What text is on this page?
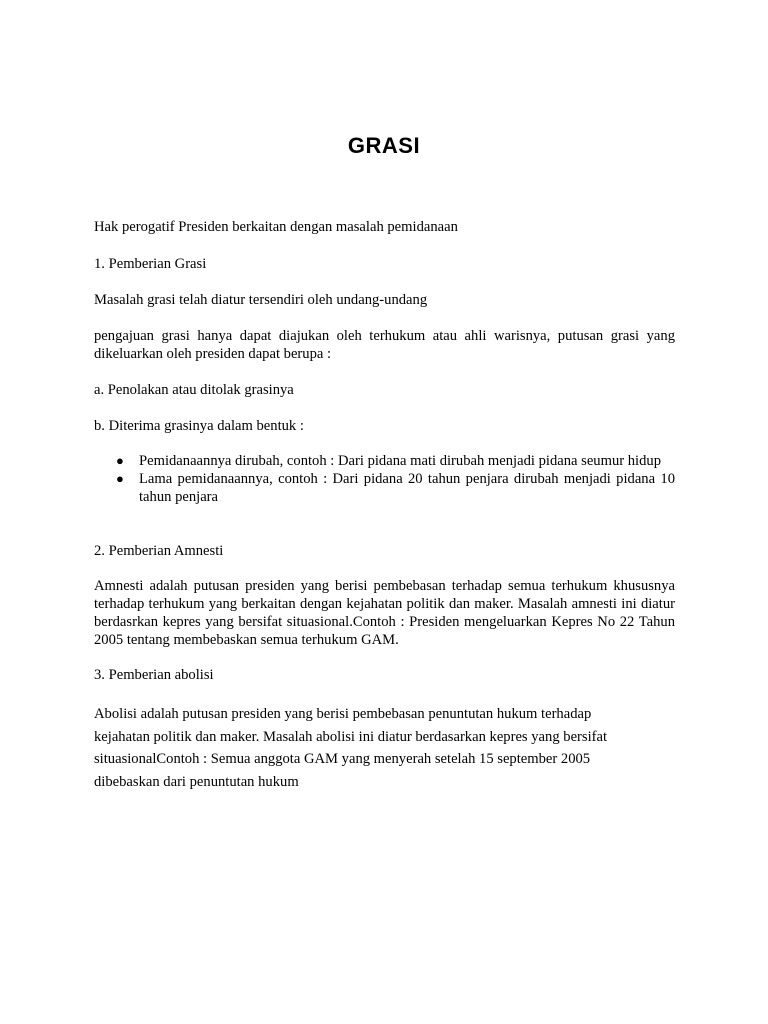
GRASI
Hak perogatif Presiden berkaitan dengan masalah pemidanaan
1. Pemberian Grasi
Masalah grasi telah diatur tersendiri oleh undang-undang
pengajuan grasi hanya dapat diajukan oleh terhukum atau ahli warisnya, putusan grasi yang dikeluarkan oleh presiden dapat berupa :
a. Penolakan atau ditolak grasinya
b. Diterima grasinya dalam bentuk :
● Pemidanaannya dirubah, contoh : Dari pidana mati dirubah menjadi pidana seumur hidup
● Lama pemidanaannya, contoh : Dari pidana 20 tahun penjara dirubah menjadi pidana 10 tahun penjara
2. Pemberian Amnesti
Amnesti adalah putusan presiden yang berisi pembebasan terhadap semua terhukum khususnya terhadap terhukum yang berkaitan dengan kejahatan politik dan maker. Masalah amnesti ini diatur berdasrkan kepres yang bersifat situasional.Contoh : Presiden mengeluarkan Kepres No 22 Tahun 2005 tentang membebaskan semua terhukum GAM.
3. Pemberian abolisi
Abolisi adalah putusan presiden yang berisi pembebasan penuntutan hukum terhadap
kejahatan politik dan maker. Masalah abolisi ini diatur berdasarkan kepres yang bersifat
situasionalContoh : Semua anggota GAM yang menyerah setelah 15 september 2005
dibebaskan dari penuntutan hukum
